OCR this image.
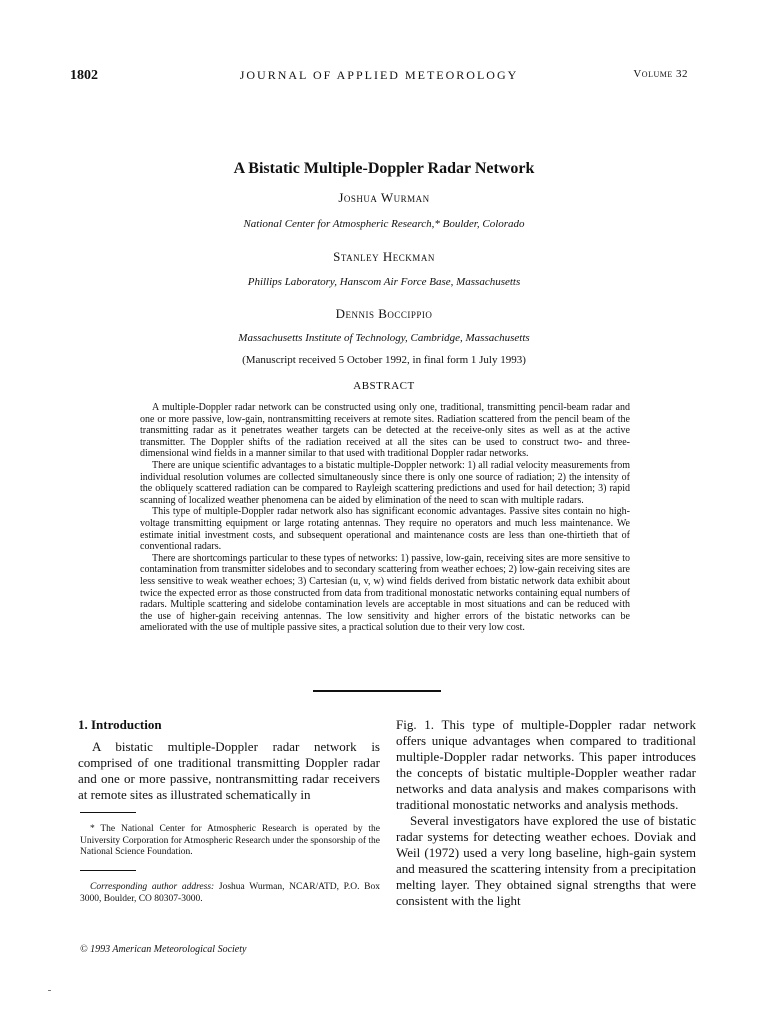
1802	JOURNAL OF APPLIED METEOROLOGY	Volume 32
A Bistatic Multiple-Doppler Radar Network
Joshua Wurman
National Center for Atmospheric Research,* Boulder, Colorado
Stanley Heckman
Phillips Laboratory, Hanscom Air Force Base, Massachusetts
Dennis Boccippio
Massachusetts Institute of Technology, Cambridge, Massachusetts
(Manuscript received 5 October 1992, in final form 1 July 1993)
ABSTRACT

A multiple-Doppler radar network can be constructed using only one, traditional, transmitting pencil-beam radar and one or more passive, low-gain, nontransmitting receivers at remote sites. Radiation scattered from the pencil beam of the transmitting radar as it penetrates weather targets can be detected at the receive-only sites as well as at the active transmitter. The Doppler shifts of the radiation received at all the sites can be used to construct two- and three-dimensional wind fields in a manner similar to that used with traditional Doppler radar networks.

There are unique scientific advantages to a bistatic multiple-Doppler network: 1) all radial velocity measurements from individual resolution volumes are collected simultaneously since there is only one source of radiation; 2) the intensity of the obliquely scattered radiation can be compared to Rayleigh scattering predictions and used for hail detection; 3) rapid scanning of localized weather phenomena can be aided by elimination of the need to scan with multiple radars.

This type of multiple-Doppler radar network also has significant economic advantages. Passive sites contain no high-voltage transmitting equipment or large rotating antennas. They require no operators and much less maintenance. We estimate initial investment costs, and subsequent operational and maintenance costs are less than one-thirtieth that of conventional radars.

There are shortcomings particular to these types of networks: 1) passive, low-gain, receiving sites are more sensitive to contamination from transmitter sidelobes and to secondary scattering from weather echoes; 2) low-gain receiving sites are less sensitive to weak weather echoes; 3) Cartesian (u, v, w) wind fields derived from bistatic network data exhibit about twice the expected error as those constructed from data from traditional monostatic networks containing equal numbers of radars. Multiple scattering and sidelobe contamination levels are acceptable in most situations and can be reduced with the use of higher-gain receiving antennas. The low sensitivity and higher errors of the bistatic networks can be ameliorated with the use of multiple passive sites, a practical solution due to their very low cost.

1. Introduction

A bistatic multiple-Doppler radar network is comprised of one traditional transmitting Doppler radar and one or more passive, nontransmitting radar receivers at remote sites as illustrated schematically in

Fig. 1. This type of multiple-Doppler radar network offers unique advantages when compared to traditional multiple-Doppler radar networks. This paper introduces the concepts of bistatic multiple-Doppler weather radar networks and data analysis and makes comparisons with traditional monostatic networks and analysis methods.

Several investigators have explored the use of bistatic radar systems for detecting weather echoes. Doviak and Weil (1972) used a very long baseline, high-gain system and measured the scattering intensity from a precipitation melting layer. They obtained signal strengths that were consistent with the light

* The National Center for Atmospheric Research is operated by the University Corporation for Atmospheric Research under the sponsorship of the National Science Foundation.
Corresponding author address: Joshua Wurman, NCAR/ATD, P.O. Box 3000, Boulder, CO 80307-3000.
© 1993 American Meteorological Society
